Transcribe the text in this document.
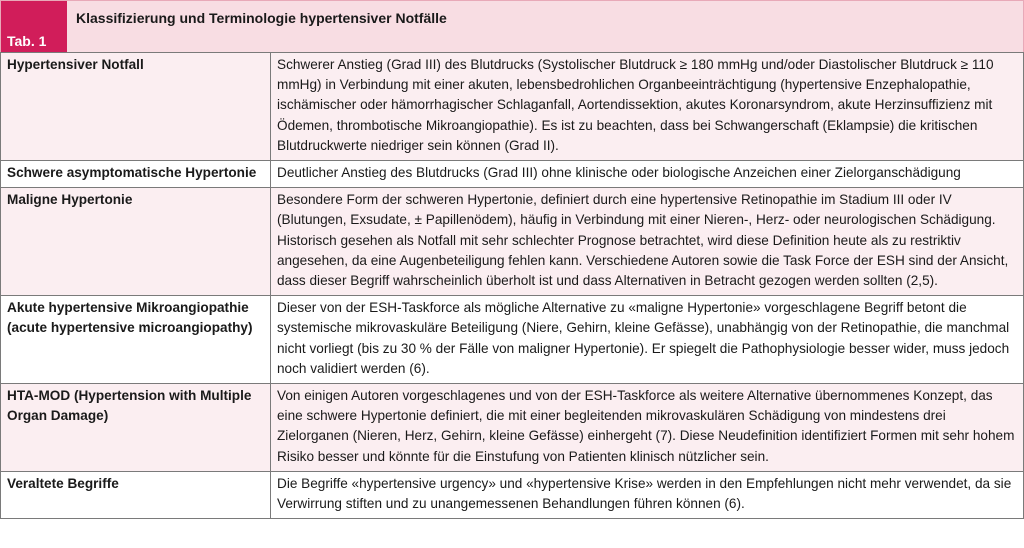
Tab. 1
Klassifizierung und Terminologie hypertensiver Notfälle
Hypertensiver Notfall	Schwerer Anstieg (Grad III) des Blutdrucks (Systolischer Blutdruck ≥ 180 mmHg und/oder Diastolischer Blutdruck ≥ 110 mmHg) in Verbindung mit einer akuten, lebensbedrohlichen Organbeeinträchtigung (hypertensive Enzephalopathie, ischämischer oder hämorrhagischer Schlaganfall, Aortendissektion, akutes Koronarsyndrom, akute Herzinsuffizienz mit Ödemen, thrombotische Mikroangiopathie). Es ist zu beachten, dass bei Schwangerschaft (Eklampsie) die kritischen Blutdruckwerte niedriger sein können (Grad II).
Schwere asymptomatische Hypertonie	Deutlicher Anstieg des Blutdrucks (Grad III) ohne klinische oder biologische Anzeichen einer Zielorganschädigung
Maligne Hypertonie	Besondere Form der schweren Hypertonie, definiert durch eine hypertensive Retinopathie im Stadium III oder IV (Blutungen, Exsudate, ± Papillenödem), häufig in Verbindung mit einer Nieren-, Herz- oder neurologischen Schädigung. Historisch gesehen als Notfall mit sehr schlechter Prognose betrachtet, wird diese Definition heute als zu restriktiv angesehen, da eine Augenbeteiligung fehlen kann. Verschiedene Autoren sowie die Task Force der ESH sind der Ansicht, dass dieser Begriff wahrscheinlich überholt ist und dass Alternativen in Betracht gezogen werden sollten (2,5).
Akute hypertensive Mikroangiopathie (acute hypertensive microangiopathy)	Dieser von der ESH-Taskforce als mögliche Alternative zu «maligne Hypertonie» vorgeschlagene Begriff betont die systemische mikrovaskuläre Beteiligung (Niere, Gehirn, kleine Gefässe), unabhängig von der Retinopathie, die manchmal nicht vorliegt (bis zu 30 % der Fälle von maligner Hypertonie). Er spiegelt die Pathophysiologie besser wider, muss jedoch noch validiert werden (6).
HTA-MOD (Hypertension with Multiple Organ Damage)	Von einigen Autoren vorgeschlagenes und von der ESH-Taskforce als weitere Alternative übernommenes Konzept, das eine schwere Hypertonie definiert, die mit einer begleitenden mikrovaskulären Schädigung von mindestens drei Zielorganen (Nieren, Herz, Gehirn, kleine Gefässe) einhergeht (7). Diese Neudefinition identifiziert Formen mit sehr hohem Risiko besser und könnte für die Einstufung von Patienten klinisch nützlicher sein.
Veraltete Begriffe	Die Begriffe «hypertensive urgency» und «hypertensive Krise» werden in den Empfehlungen nicht mehr verwendet, da sie Verwirrung stiften und zu unangemessenen Behandlungen führen können (6).
